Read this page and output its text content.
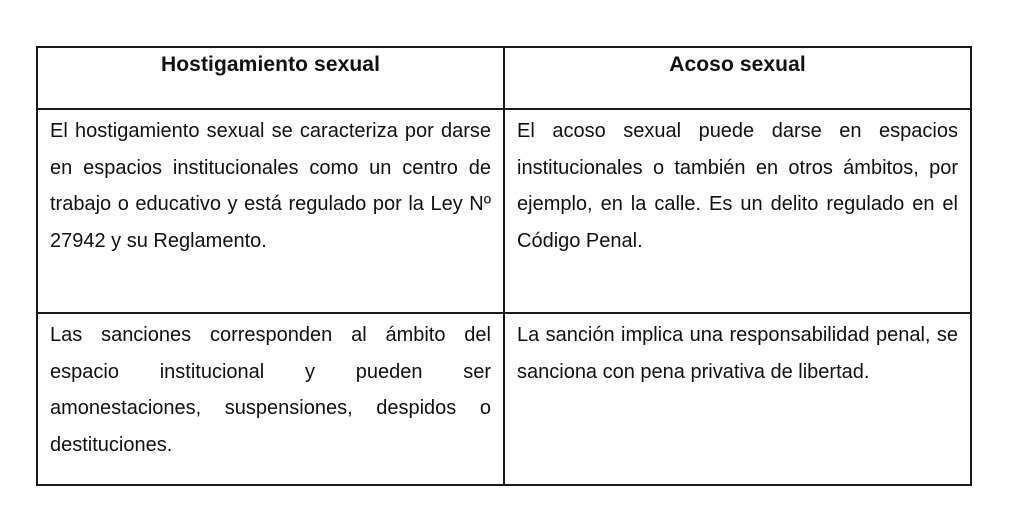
Hostigamiento sexual	Acoso sexual

El hostigamiento sexual se caracteriza por darse en espacios institucionales como un centro de trabajo o educativo y está regulado por la Ley Nº 27942 y su Reglamento.	El acoso sexual puede darse en espacios institucionales o también en otros ámbitos, por ejemplo, en la calle. Es un delito regulado en el Código Penal.

Las sanciones corresponden al ámbito del espacio institucional y pueden ser amonestaciones, suspensiones, despidos o destituciones.	La sanción implica una responsabilidad penal, se sanciona con pena privativa de libertad.
